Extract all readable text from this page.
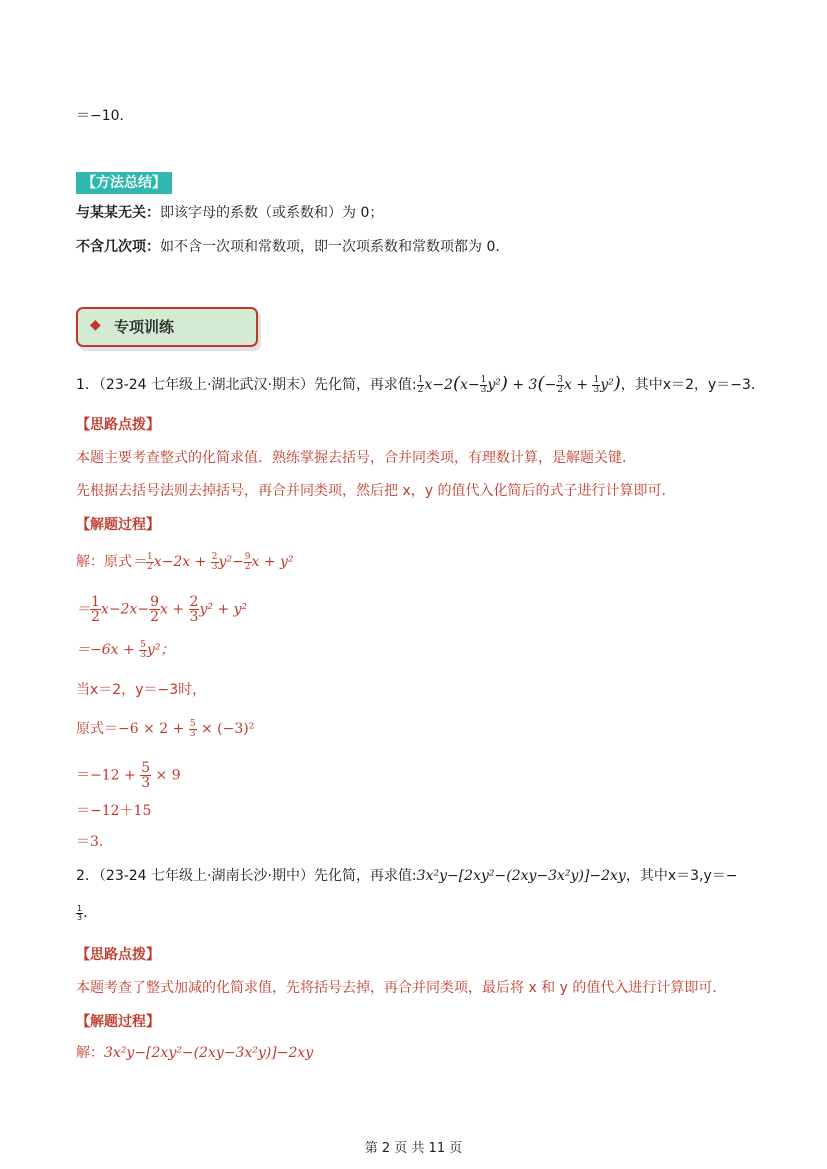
＝−10．
【方法总结】
与某某无关：即该字母的系数（或系数和）为 0；
不含几次项：如不含一次项和常数项，即一次项系数和常数项都为 0．
◆ 专项训练
1．（23-24 七年级上·湖北武汉·期末）先化简，再求值: $\frac{1}{2} x-2(x- \frac{1}{3} y^2) + 3(- \frac{3}{2}$ $x + \frac{1}{3} y^2$)，其中x＝2，y＝−3．
【思路点拨】
本题主要考查整式的化简求值．熟练掌握去括号，合并同类项，有理数计算，是解题关键．
先根据去括号法则去掉括号，再合并同类项，然后把 x，y 的值代入化简后的式子进行计算即可．
【解题过程】
解：原式＝ $\frac{1}{2} x-2x + \frac{2}{3} y^2- \frac{9}{2}$ x + y²
＝ $\frac{1}{2} x-2x- \frac{9}{2}$ $x + \frac{2}{3} y^2 + y^2$
$=-6x + \frac{5}{3} y^2$；
当x＝2，y＝−3时，
原式$=-6 \times 2 + \frac{5}{3} \times (-3)^2$
$=-12 + \frac{5}{3} \times 9$
＝−12＋15
＝3．
2．（23-24 七年级上·湖南长沙·期中）先化简，再求值:3x²y−[2xy²−(2xy−3x²y)]−2xy，其中x＝3,y＝−
$\frac{1}{3}$ ．
【思路点拨】
本题考查了整式加减的化简求值，先将括号去掉，再合并同类项，最后将 x 和 y 的值代入进行计算即可．
【解题过程】
解：3x²y−[2xy²−(2xy−3x²y)]−2xy
第 2 页 共 11 页
